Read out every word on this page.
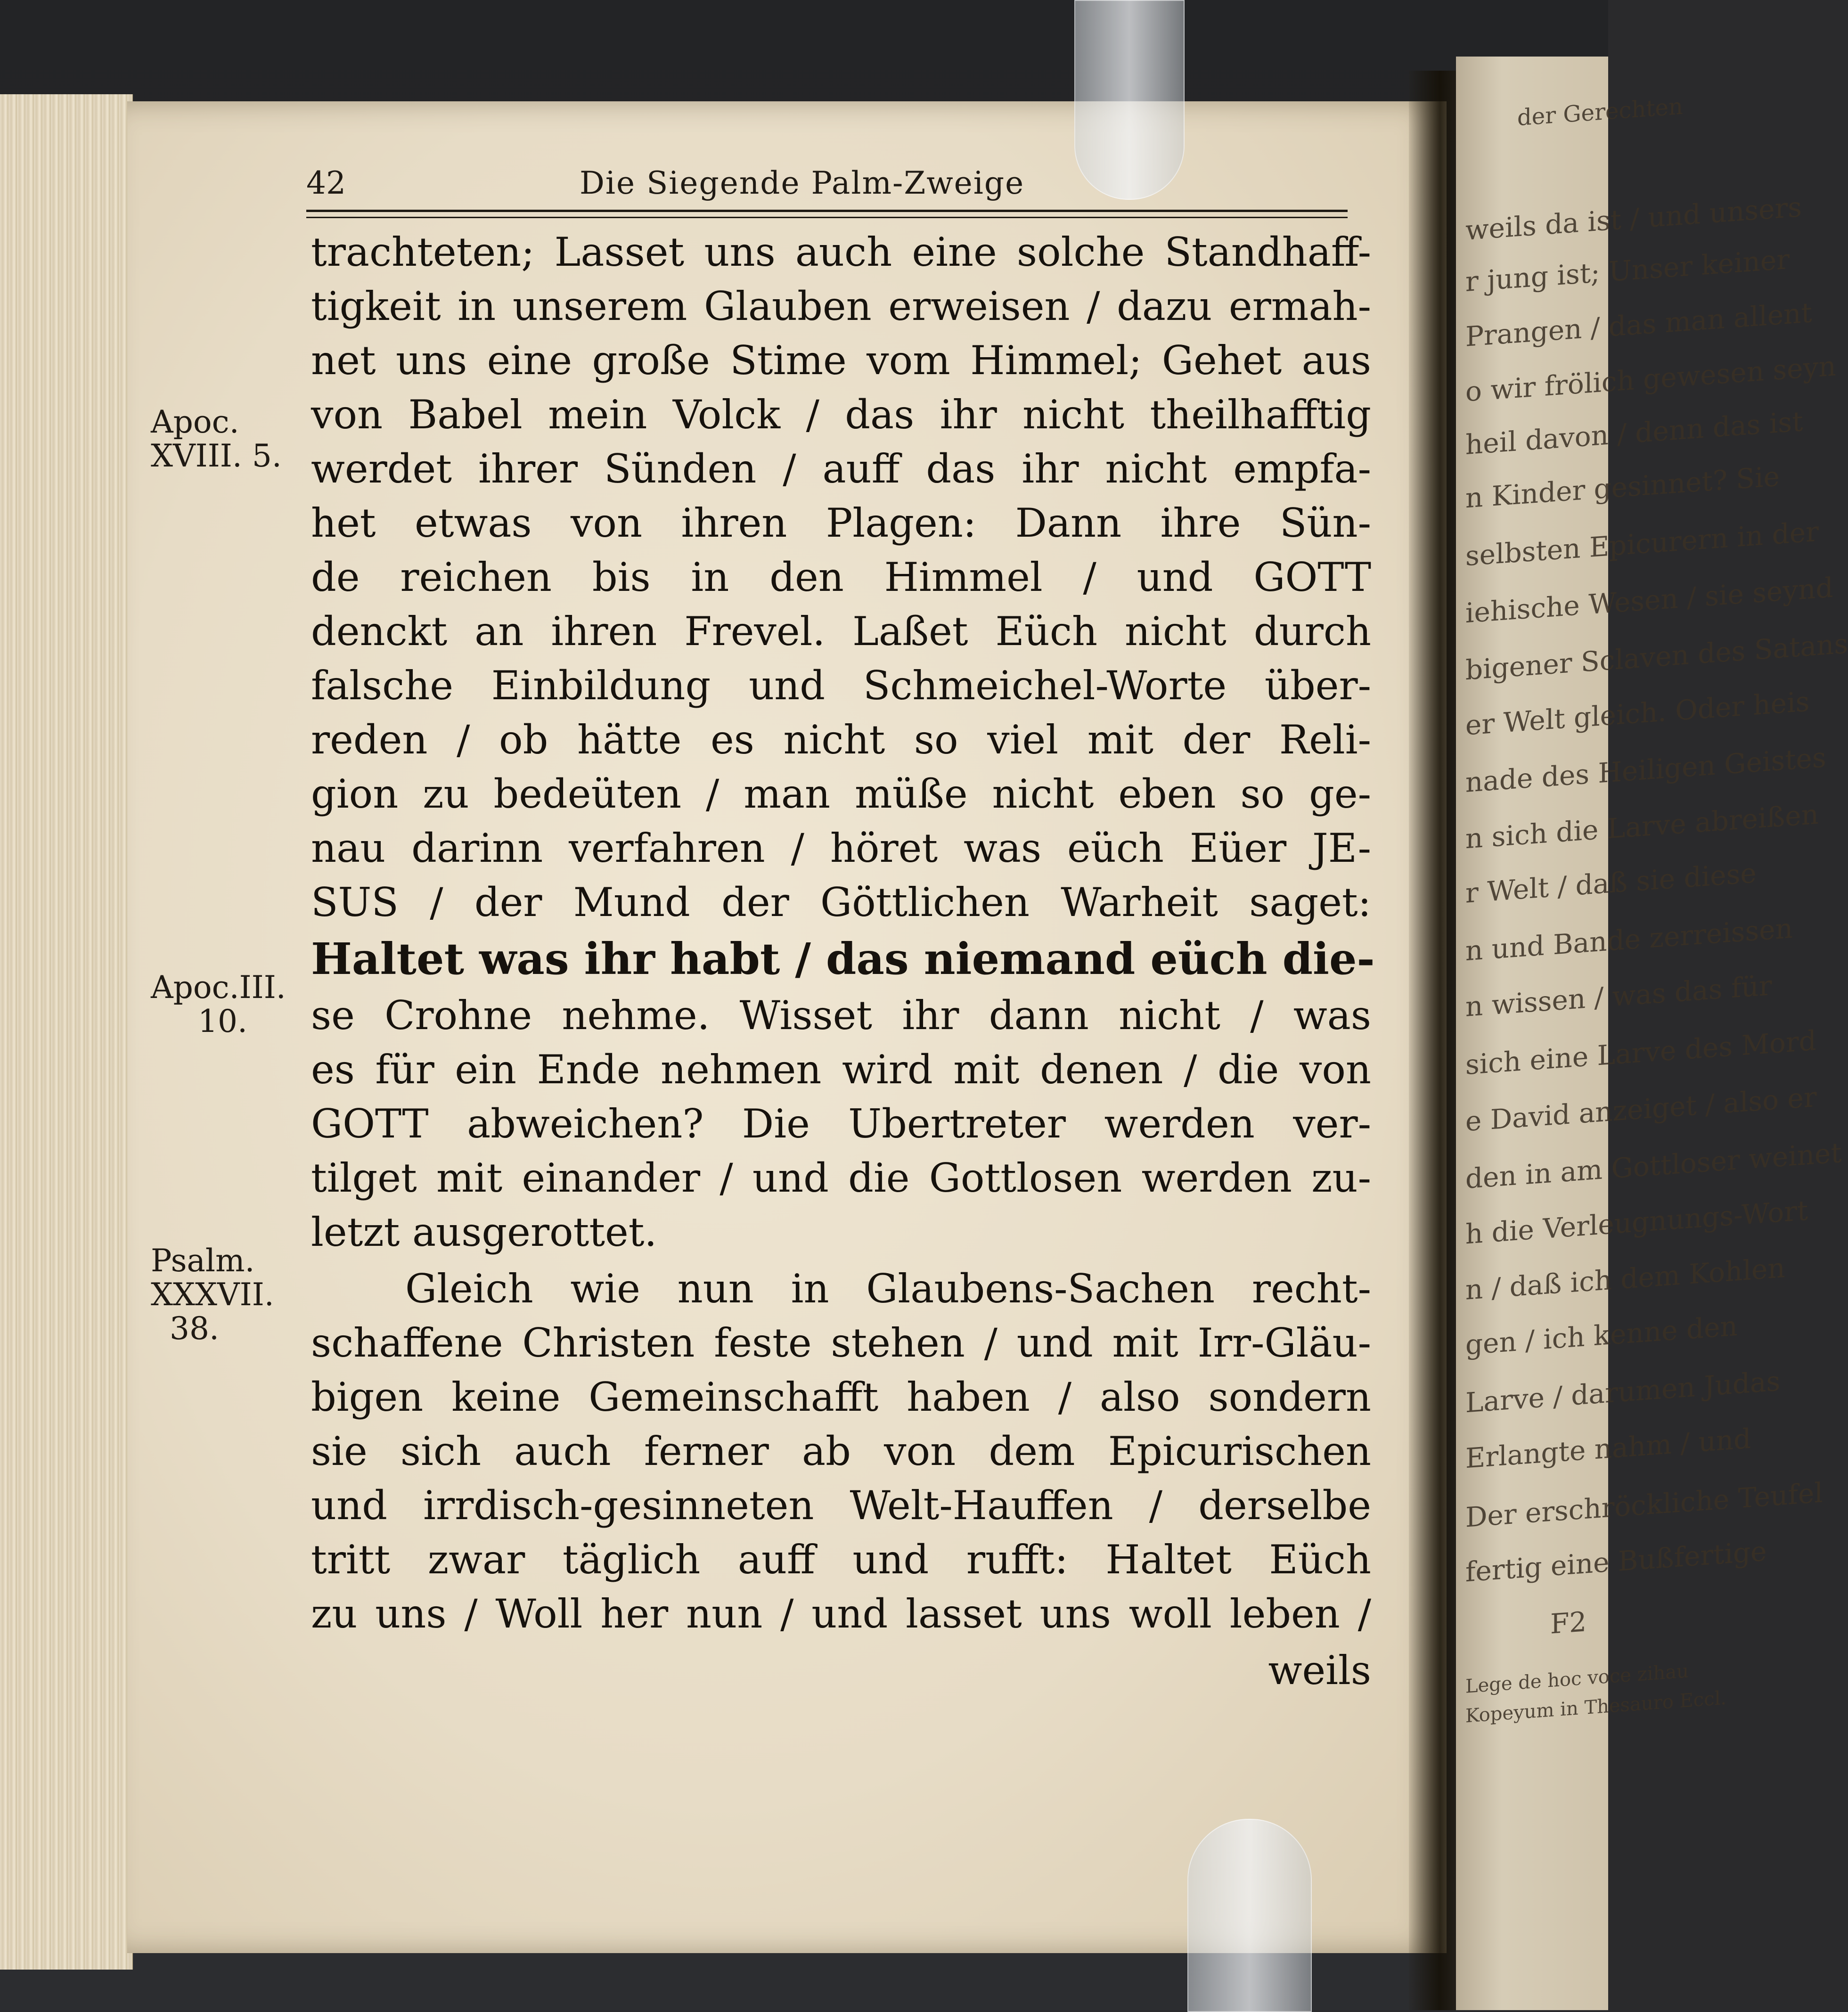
42	Die Siegende Palm-Zweige
Apoc.
XVIII. 5.
Apoc.III.
10.
Psalm.
XXXVII.
38.
trachteten; Lasset uns auch eine solche Standhaff-
tigkeit in unserem Glauben erweisen / dazu ermah-
net uns eine große Stime vom Himmel; Gehet aus
von Babel mein Volck / das ihr nicht theilhafftig
werdet ihrer Sünden / auff das ihr nicht empfa-
het etwas von ihren Plagen: Dann ihre Sün-
de reichen bis in den Himmel / und GOTT
denckt an ihren Frevel. Laßet Eüch nicht durch
falsche Einbildung und Schmeichel-Worte über-
reden / ob hätte es nicht so viel mit der Reli-
gion zu bedeüten / man müße nicht eben so ge-
nau darinn verfahren / höret was eüch Eüer JE-
SUS / der Mund der Göttlichen Warheit saget:
Haltet was ihr habt / das niemand eüch die-
se Crohne nehme. Wisset ihr dann nicht / was
es für ein Ende nehmen wird mit denen / die von
GOTT abweichen? Die Ubertreter werden ver-
tilget mit einander / und die Gottlosen werden zu-
letzt ausgerottet.
Gleich wie nun in Glaubens-Sachen recht-
schaffene Christen feste stehen / und mit Irr-Gläu-
bigen keine Gemeinschafft haben / also sondern
sie sich auch ferner ab von dem Epicurischen
und irrdisch-gesinneten Welt-Hauffen / derselbe
tritt zwar täglich auff und rufft: Haltet Eüch
zu uns / Woll her nun / und lasset uns woll leben /
weils
der Gerechten
weils da ist / und unsers
r jung ist; Unser keiner
Prangen / das man allent
o wir frölich gewesen seyn
heil davon / denn das ist
n Kinder gesinnet? Sie
selbsten Epicurern in der
iehische Wesen / sie seynd
bigener Sclaven des Satans
er Welt gleich. Oder heis
nade des Heiligen Geistes
n sich die Larve abreißen
r Welt / daß sie diese
n und Bande zerreissen
n wissen / was das für
sich eine Larve des Mord
e David anzeiget / also er
den in am Gottloser weinet
h die Verleugnungs-Wort
n / daß ich dem Kohlen
gen / ich kenne den
Larve / darumen Judas
Erlangte nahm / und
Der erschröckliche Teufel
fertig eine Bußfertige
F2
Lege de hoc voce zihau
Kopeyum in Thesauro Eccl.
